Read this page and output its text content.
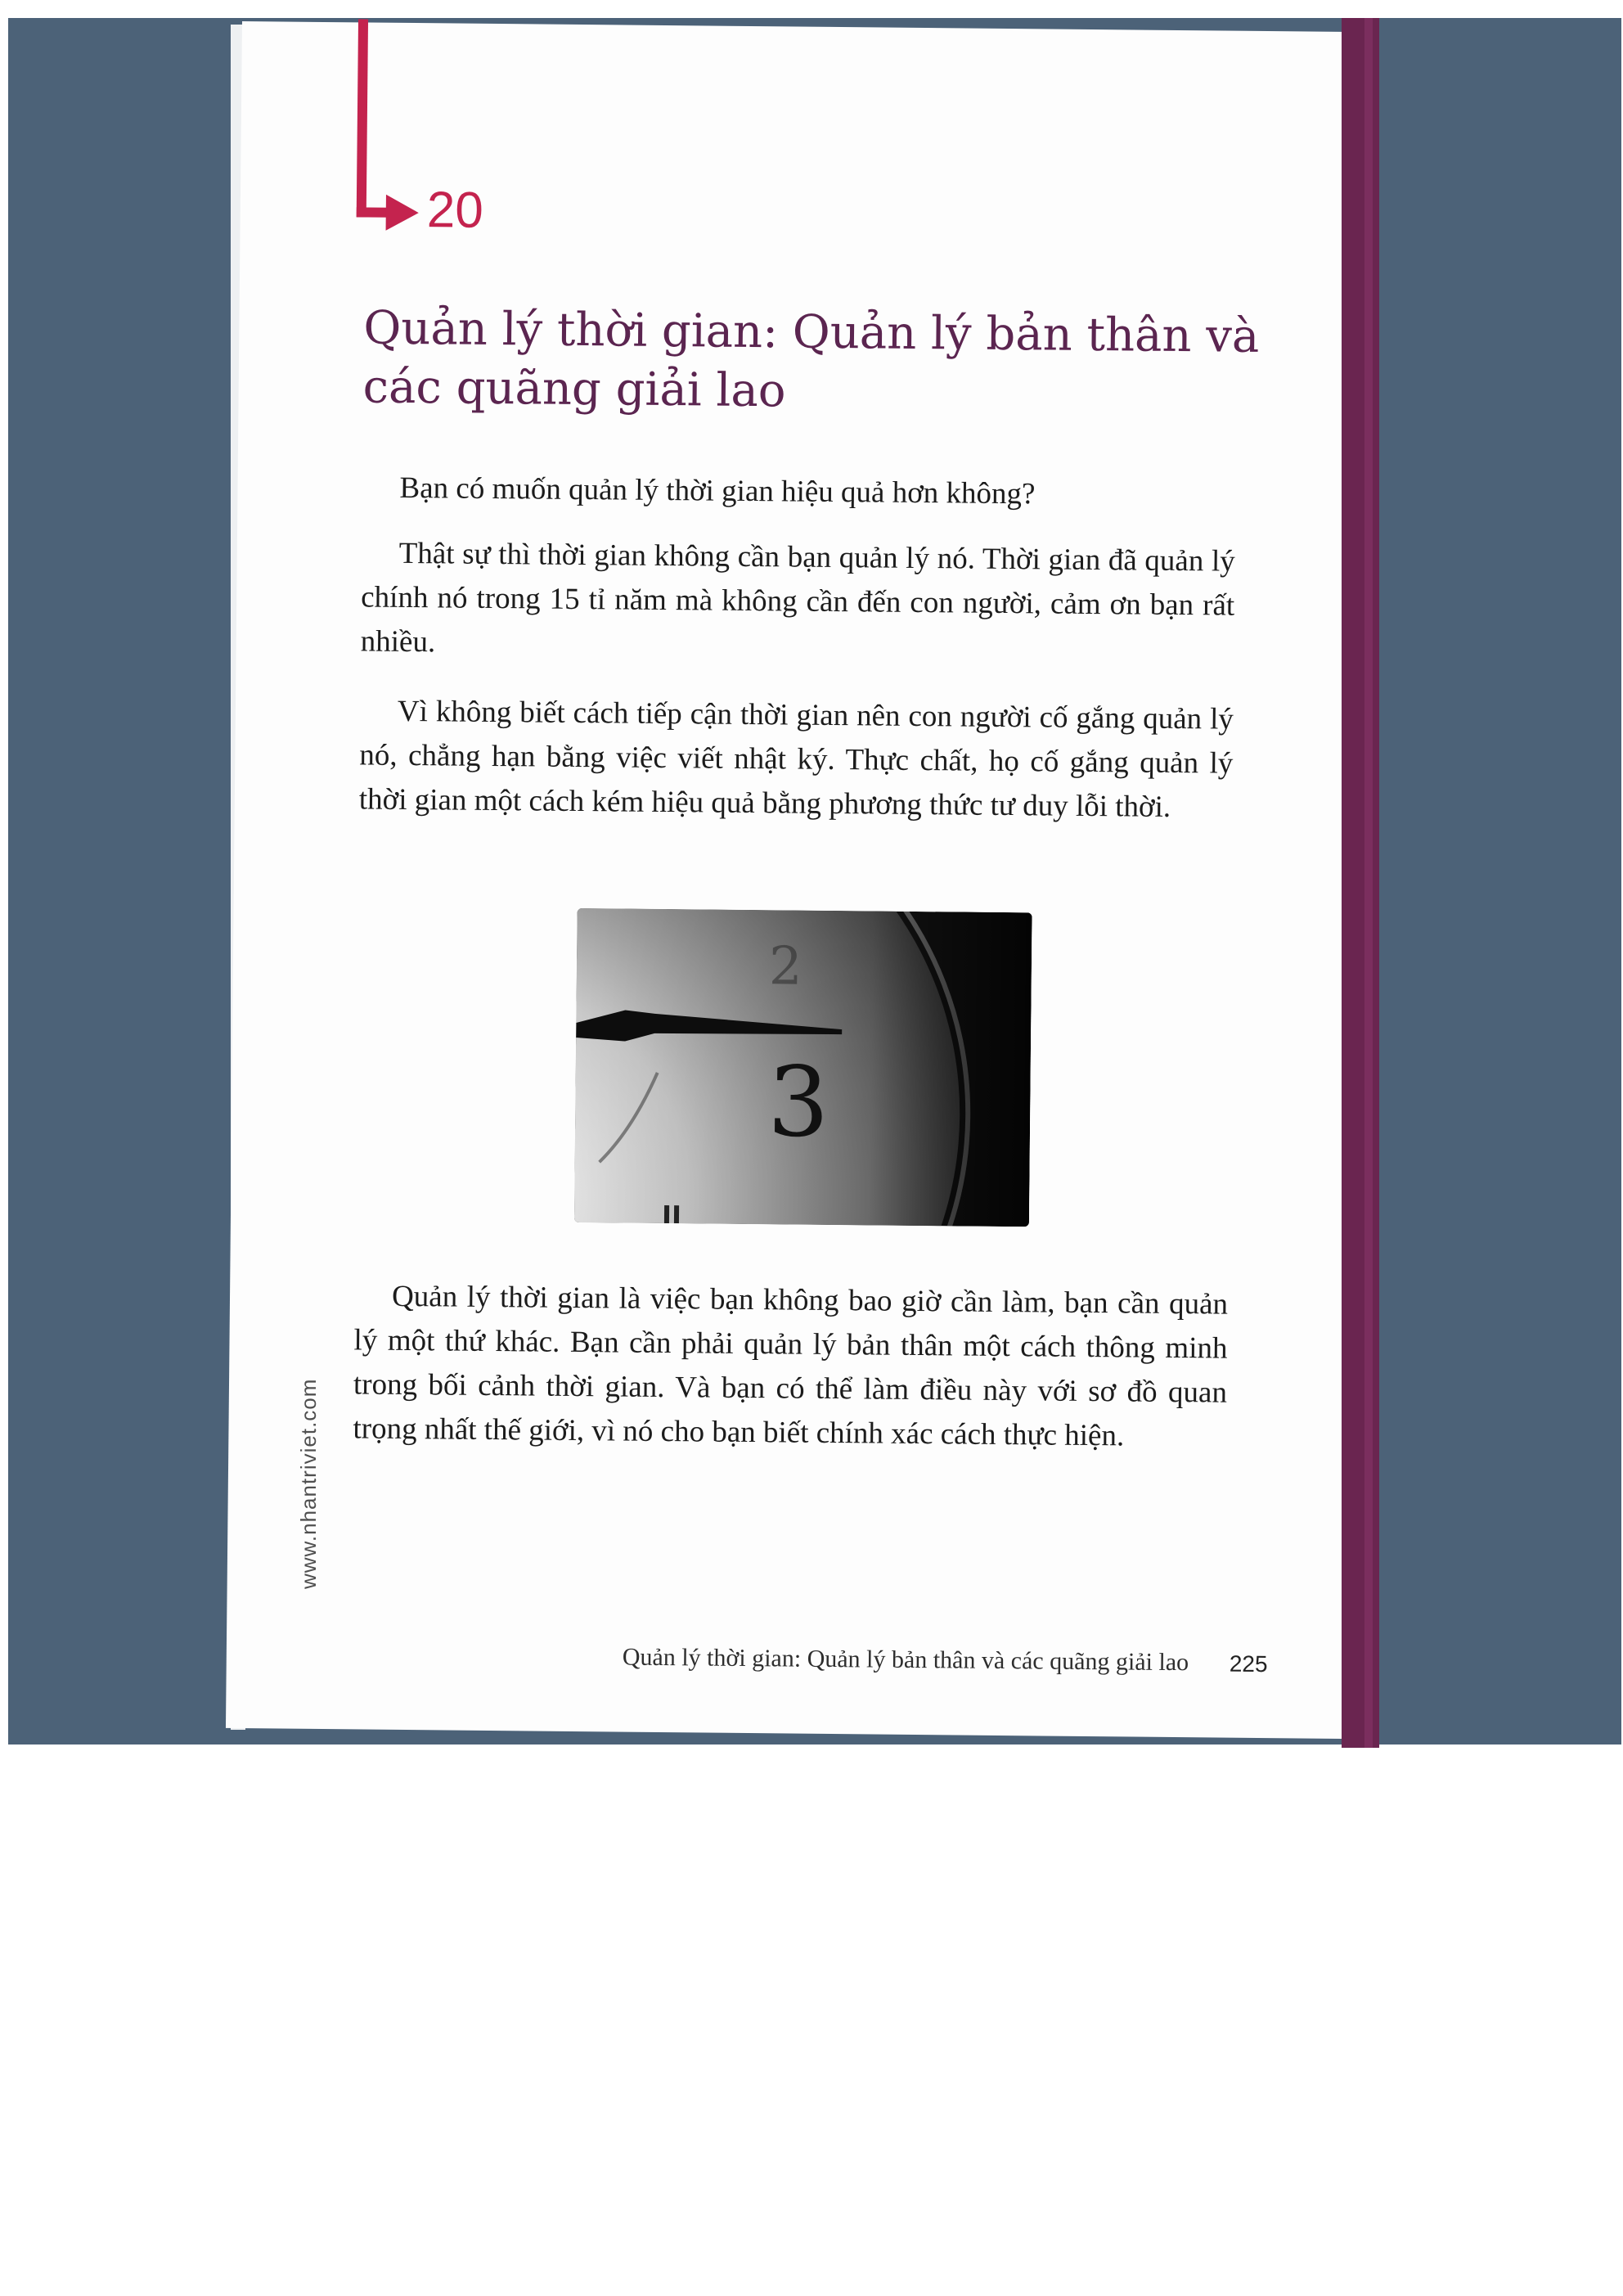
20
Quản lý thời gian: Quản lý bản thân và các quãng giải lao

Bạn có muốn quản lý thời gian hiệu quả hơn không?

Thật sự thì thời gian không cần bạn quản lý nó. Thời gian đã quản lý chính nó trong 15 tỉ năm mà không cần đến con người, cảm ơn bạn rất nhiều.

Vì không biết cách tiếp cận thời gian nên con người cố gắng quản lý nó, chẳng hạn bằng việc viết nhật ký. Thực chất, họ cố gắng quản lý thời gian một cách kém hiệu quả bằng phương thức tư duy lỗi thời.

2
3

Quản lý thời gian là việc bạn không bao giờ cần làm, bạn cần quản lý một thứ khác. Bạn cần phải quản lý bản thân một cách thông minh trong bối cảnh thời gian. Và bạn có thể làm điều này với sơ đồ quan trọng nhất thế giới, vì nó cho bạn biết chính xác cách thực hiện.

Quản lý thời gian: Quản lý bản thân và các quãng giải lao 225
www.nhantriviet.com
